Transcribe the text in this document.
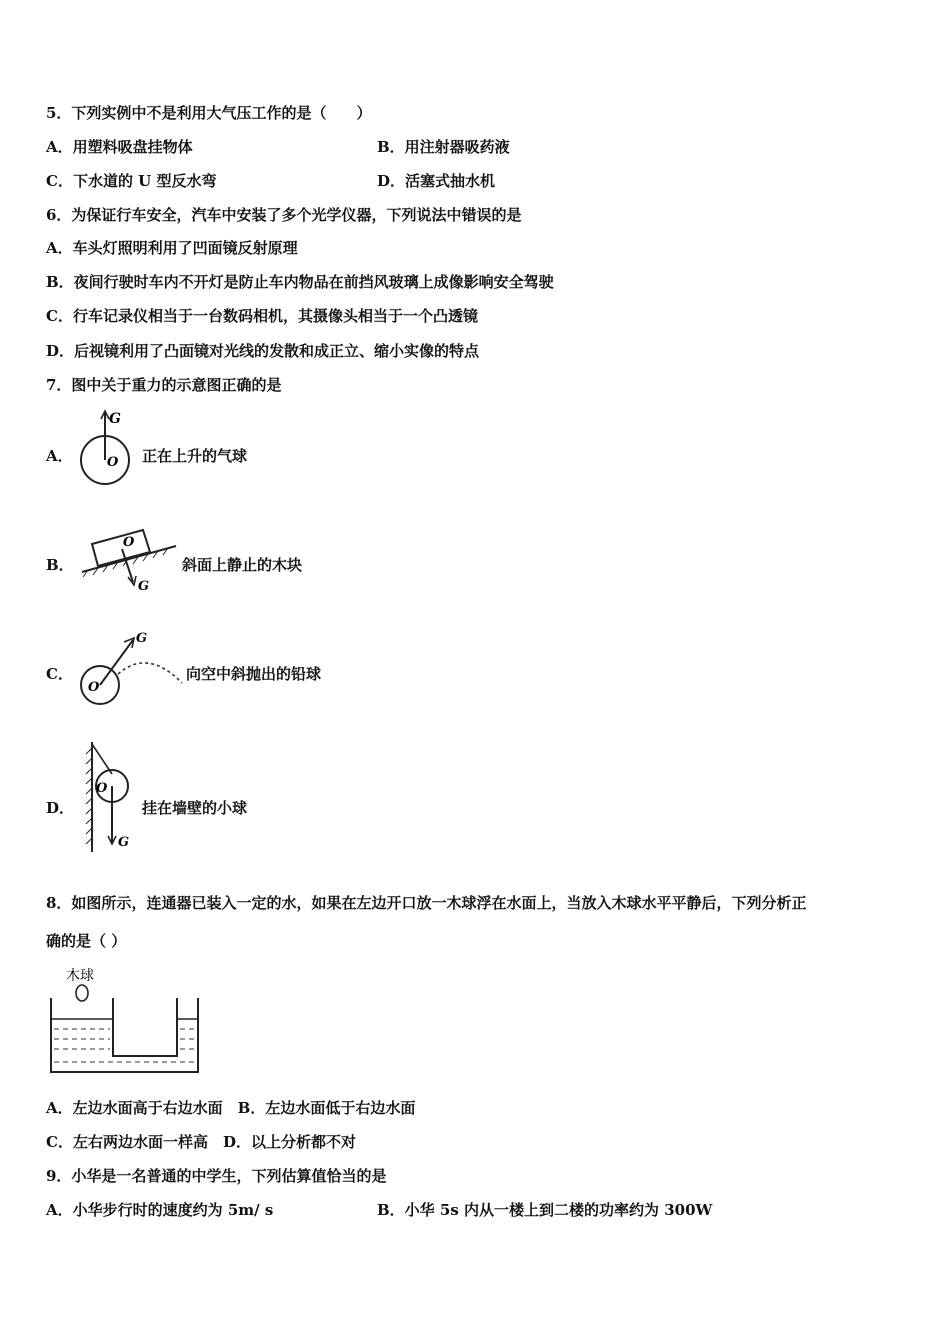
5．下列实例中不是利用大气压工作的是（　　）
A．用塑料吸盘挂物体	B．用注射器吸药液
C．下水道的 U 型反水弯	D．活塞式抽水机
6．为保证行车安全，汽车中安装了多个光学仪器，下列说法中错误的是
A．车头灯照明利用了凹面镜反射原理
B．夜间行驶时车内不开灯是防止车内物品在前挡风玻璃上成像影响安全驾驶
C．行车记录仪相当于一台数码相机，其摄像头相当于一个凸透镜
D．后视镜利用了凸面镜对光线的发散和成正立、缩小实像的特点
7．图中关于重力的示意图正确的是
A．
G
O 正在上升的气球
B．
O
G
斜面上静止的木块
C．
O
G
向空中斜抛出的铅球
D．
O
G
挂在墙壁的小球
8．如图所示，连通器已装入一定的水，如果在左边开口放一木球浮在水面上，当放入木球水平平静后，下列分析正
确的是（ ）
木球
A．左边水面高于右边水面　B．左边水面低于右边水面
C．左右两边水面一样高　D．以上分析都不对
9．小华是一名普通的中学生，下列估算值恰当的是
A．小华步行时的速度约为 5m/ s	B．小华 5s 内从一楼上到二楼的功率约为 300W
